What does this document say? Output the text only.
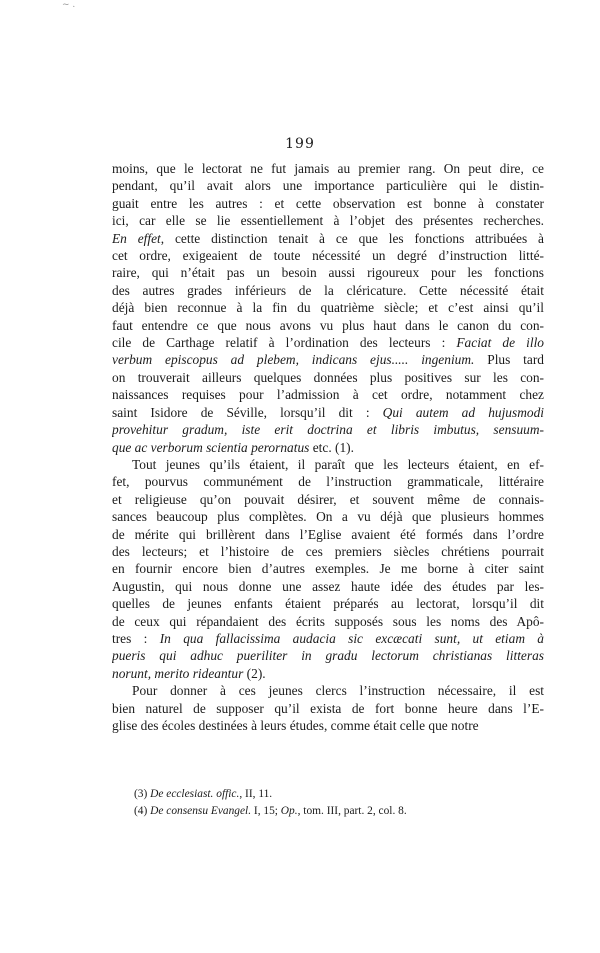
~ .
199
moins, que le lectorat ne fut jamais au premier rang. On peut dire, ce
pendant, qu’il avait alors une importance particulière qui le distin-
guait entre les autres : et cette observation est bonne à constater
ici, car elle se lie essentiellement à l’objet des présentes recherches.
En effet, cette distinction tenait à ce que les fonctions attribuées à
cet ordre, exigeaient de toute nécessité un degré d’instruction litté-
raire, qui n’était pas un besoin aussi rigoureux pour les fonctions
des autres grades inférieurs de la cléricature. Cette nécessité était
déjà bien reconnue à la fin du quatrième siècle; et c’est ainsi qu’il
faut entendre ce que nous avons vu plus haut dans le canon du con-
cile de Carthage relatif à l’ordination des lecteurs : Faciat de illo
verbum episcopus ad plebem, indicans ejus..... ingenium. Plus tard
on trouverait ailleurs quelques données plus positives sur les con-
naissances requises pour l’admission à cet ordre, notamment chez
saint Isidore de Séville, lorsqu’il dit : Qui autem ad hujusmodi
provehitur gradum, iste erit doctrina et libris imbutus, sensuum-
que ac verborum scientia perornatus etc. (1).
Tout jeunes qu’ils étaient, il paraît que les lecteurs étaient, en ef-
fet, pourvus communément de l’instruction grammaticale, littéraire
et religieuse qu’on pouvait désirer, et souvent même de connais-
sances beaucoup plus complètes. On a vu déjà que plusieurs hommes
de mérite qui brillèrent dans l’Eglise avaient été formés dans l’ordre
des lecteurs; et l’histoire de ces premiers siècles chrétiens pourrait
en fournir encore bien d’autres exemples. Je me borne à citer saint
Augustin, qui nous donne une assez haute idée des études par les-
quelles de jeunes enfants étaient préparés au lectorat, lorsqu’il dit
de ceux qui répandaient des écrits supposés sous les noms des Apô-
tres : In qua fallacissima audacia sic excæcati sunt, ut etiam à
pueris qui adhuc pueriliter in gradu lectorum christianas litteras
norunt, merito rideantur (2).
Pour donner à ces jeunes clercs l’instruction nécessaire, il est
bien naturel de supposer qu’il exista de fort bonne heure dans l’E-
glise des écoles destinées à leurs études, comme était celle que notre
(3) De ecclesiast. offic., II, 11.
(4) De consensu Evangel. I, 15; Op., tom. III, part. 2, col. 8.
